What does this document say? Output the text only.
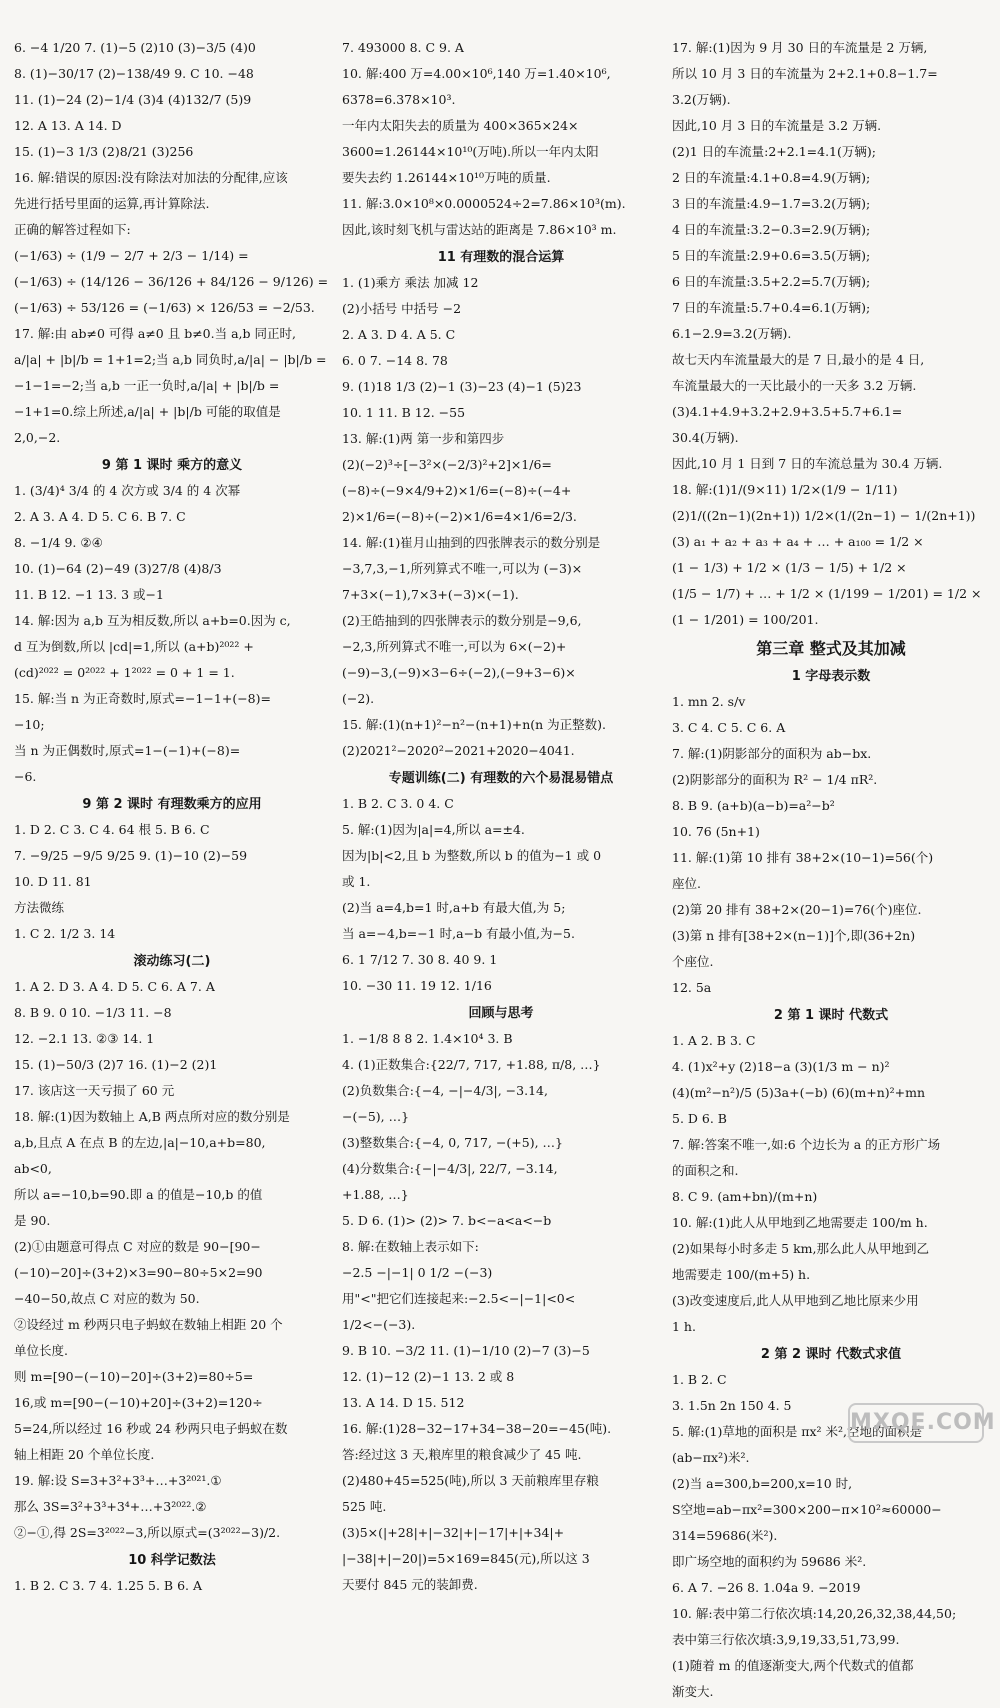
6. −4 1/20 7. (1)−5 (2)10 (3)−3/5 (4)0
8. (1)−30/17 (2)−138/49 9. C 10. −48
11. (1)−24 (2)−1/4 (3)4 (4)132/7 (5)9
12. A 13. A 14. D
15. (1)−3 1/3 (2)8/21 (3)256
16. 解:错误的原因:没有除法对加法的分配律,应该
先进行括号里面的运算,再计算除法.
正确的解答过程如下:
(−1/63) ÷ (1/9 − 2/7 + 2/3 − 1/14) =
(−1/63) ÷ (14/126 − 36/126 + 84/126 − 9/126) =
(−1/63) ÷ 53/126 = (−1/63) × 126/53 = −2/53.
17. 解:由 ab≠0 可得 a≠0 且 b≠0.当 a,b 同正时,
a/|a| + |b|/b = 1+1=2;当 a,b 同负时,a/|a| − |b|/b =
−1−1=−2;当 a,b 一正一负时,a/|a| + |b|/b =
−1+1=0.综上所述,a/|a| + |b|/b 可能的取值是
2,0,−2.
9 第 1 课时 乘方的意义
1. (3/4)⁴ 3/4 的 4 次方或 3/4 的 4 次幂
2. A 3. A 4. D 5. C 6. B 7. C
8. −1/4 9. ②④
10. (1)−64 (2)−49 (3)27/8 (4)8/3
11. B 12. −1 13. 3 或−1
14. 解:因为 a,b 互为相反数,所以 a+b=0.因为 c,
d 互为倒数,所以 |cd|=1,所以 (a+b)²⁰²² +
(cd)²⁰²² = 0²⁰²² + 1²⁰²² = 0 + 1 = 1.
15. 解:当 n 为正奇数时,原式=−1−1+(−8)=
−10;
当 n 为正偶数时,原式=1−(−1)+(−8)=
−6.
9 第 2 课时 有理数乘方的应用
1. D 2. C 3. C 4. 64 根 5. B 6. C
7. −9/25 −9/5 9/25 9. (1)−10 (2)−59
10. D 11. 81
方法微练
1. C 2. 1/2 3. 14
滚动练习(二)
1. A 2. D 3. A 4. D 5. C 6. A 7. A
8. B 9. 0 10. −1/3 11. −8
12. −2.1 13. ②③ 14. 1
15. (1)−50/3 (2)7 16. (1)−2 (2)1
17. 该店这一天亏损了 60 元
18. 解:(1)因为数轴上 A,B 两点所对应的数分别是
a,b,且点 A 在点 B 的左边,|a|−10,a+b=80,
ab<0,
所以 a=−10,b=90.即 a 的值是−10,b 的值
是 90.
(2)①由题意可得点 C 对应的数是 90−[90−
(−10)−20]÷(3+2)×3=90−80÷5×2=90
−40−50,故点 C 对应的数为 50.
②设经过 m 秒两只电子蚂蚁在数轴上相距 20 个
单位长度.
则 m=[90−(−10)−20]÷(3+2)=80÷5=
16,或 m=[90−(−10)+20]÷(3+2)=120÷
5=24,所以经过 16 秒或 24 秒两只电子蚂蚁在数
轴上相距 20 个单位长度.
19. 解:设 S=3+3²+3³+…+3²⁰²¹.①
那么 3S=3²+3³+3⁴+…+3²⁰²².②
②−①,得 2S=3²⁰²²−3,所以原式=(3²⁰²²−3)/2.
10 科学记数法
1. B 2. C 3. 7 4. 1.25 5. B 6. A
7. 493000 8. C 9. A
10. 解:400 万=4.00×10⁶,140 万=1.40×10⁶,
6378=6.378×10³.
一年内太阳失去的质量为 400×365×24×
3600=1.26144×10¹⁰(万吨).所以一年内太阳
要失去约 1.26144×10¹⁰万吨的质量.
11. 解:3.0×10⁸×0.0000524÷2=7.86×10³(m).
因此,该时刻飞机与雷达站的距离是 7.86×10³ m.
11 有理数的混合运算
1. (1)乘方 乘法 加减 12
(2)小括号 中括号 −2
2. A 3. D 4. A 5. C
6. 0 7. −14 8. 78
9. (1)18 1/3 (2)−1 (3)−23 (4)−1 (5)23
10. 1 11. B 12. −55
13. 解:(1)两 第一步和第四步
(2)(−2)³÷[−3²×(−2/3)²+2]×1/6=
(−8)÷(−9×4/9+2)×1/6=(−8)÷(−4+
2)×1/6=(−8)÷(−2)×1/6=4×1/6=2/3.
14. 解:(1)崔月山抽到的四张牌表示的数分别是
−3,7,3,−1,所列算式不唯一,可以为 (−3)×
7+3×(−1),7×3+(−3)×(−1).
(2)王皓抽到的四张牌表示的数分别是−9,6,
−2,3,所列算式不唯一,可以为 6×(−2)+
(−9)−3,(−9)×3−6÷(−2),(−9+3−6)×
(−2).
15. 解:(1)(n+1)²−n²−(n+1)+n(n 为正整数).
(2)2021²−2020²−2021+2020−4041.
专题训练(二) 有理数的六个易混易错点
1. B 2. C 3. 0 4. C
5. 解:(1)因为|a|=4,所以 a=±4.
因为|b|<2,且 b 为整数,所以 b 的值为−1 或 0
或 1.
(2)当 a=4,b=1 时,a+b 有最大值,为 5;
当 a=−4,b=−1 时,a−b 有最小值,为−5.
6. 1 7/12 7. 30 8. 40 9. 1
10. −30 11. 19 12. 1/16
回顾与思考
1. −1/8 8 8 2. 1.4×10⁴ 3. B
4. (1)正数集合:{22/7, 717, +1.88, π/8, …}
(2)负数集合:{−4, −|−4/3|, −3.14,
−(−5), …}
(3)整数集合:{−4, 0, 717, −(+5), …}
(4)分数集合:{−|−4/3|, 22/7, −3.14,
+1.88, …}
5. D 6. (1)> (2)> 7. b<−a<a<−b
8. 解:在数轴上表示如下:
−2.5 −|−1| 0 1/2 −(−3)
用"<"把它们连接起来:−2.5<−|−1|<0<
1/2<−(−3).
9. B 10. −3/2 11. (1)−1/10 (2)−7 (3)−5
12. (1)−12 (2)−1 13. 2 或 8
13. A 14. D 15. 512
16. 解:(1)28−32−17+34−38−20=−45(吨).
答:经过这 3 天,粮库里的粮食减少了 45 吨.
(2)480+45=525(吨),所以 3 天前粮库里存粮
525 吨.
(3)5×(|+28|+|−32|+|−17|+|+34|+
|−38|+|−20|)=5×169=845(元),所以这 3
天要付 845 元的装卸费.
17. 解:(1)因为 9 月 30 日的车流量是 2 万辆,
所以 10 月 3 日的车流量为 2+2.1+0.8−1.7=
3.2(万辆).
因此,10 月 3 日的车流量是 3.2 万辆.
(2)1 日的车流量:2+2.1=4.1(万辆);
2 日的车流量:4.1+0.8=4.9(万辆);
3 日的车流量:4.9−1.7=3.2(万辆);
4 日的车流量:3.2−0.3=2.9(万辆);
5 日的车流量:2.9+0.6=3.5(万辆);
6 日的车流量:3.5+2.2=5.7(万辆);
7 日的车流量:5.7+0.4=6.1(万辆);
6.1−2.9=3.2(万辆).
故七天内车流量最大的是 7 日,最小的是 4 日,
车流量最大的一天比最小的一天多 3.2 万辆.
(3)4.1+4.9+3.2+2.9+3.5+5.7+6.1=
30.4(万辆).
因此,10 月 1 日到 7 日的车流总量为 30.4 万辆.
18. 解:(1)1/(9×11) 1/2×(1/9 − 1/11)
(2)1/((2n−1)(2n+1)) 1/2×(1/(2n−1) − 1/(2n+1))
(3) a₁ + a₂ + a₃ + a₄ + … + a₁₀₀ = 1/2 ×
(1 − 1/3) + 1/2 × (1/3 − 1/5) + 1/2 ×
(1/5 − 1/7) + … + 1/2 × (1/199 − 1/201) = 1/2 ×
(1 − 1/201) = 100/201.
第三章 整式及其加减
1 字母表示数
1. mn 2. s/v
3. C 4. C 5. C 6. A
7. 解:(1)阴影部分的面积为 ab−bx.
(2)阴影部分的面积为 R² − 1/4 πR².
8. B 9. (a+b)(a−b)=a²−b²
10. 76 (5n+1)
11. 解:(1)第 10 排有 38+2×(10−1)=56(个)
座位.
(2)第 20 排有 38+2×(20−1)=76(个)座位.
(3)第 n 排有[38+2×(n−1)]个,即(36+2n)
个座位.
12. 5a
2 第 1 课时 代数式
1. A 2. B 3. C
4. (1)x²+y (2)18−a (3)(1/3 m − n)²
(4)(m²−n²)/5 (5)3a+(−b) (6)(m+n)²+mn
5. D 6. B
7. 解:答案不唯一,如:6 个边长为 a 的正方形广场
的面积之和.
8. C 9. (am+bn)/(m+n)
10. 解:(1)此人从甲地到乙地需要走 100/m h.
(2)如果每小时多走 5 km,那么此人从甲地到乙
地需要走 100/(m+5) h.
(3)改变速度后,此人从甲地到乙地比原来少用
1 h.
2 第 2 课时 代数式求值
1. B 2. C
3. 1.5n 2n 150 4. 5
5. 解:(1)草地的面积是 πx² 米²,空地的面积是
(ab−πx²)米².
(2)当 a=300,b=200,x=10 时,
S空地=ab−πx²=300×200−π×10²≈60000−
314=59686(米²).
即广场空地的面积约为 59686 米².
6. A 7. −26 8. 1.04a 9. −2019
10. 解:表中第二行依次填:14,20,26,32,38,44,50;
表中第三行依次填:3,9,19,33,51,73,99.
(1)随着 m 的值逐渐变大,两个代数式的值都
渐变大.
MXQE.COM
